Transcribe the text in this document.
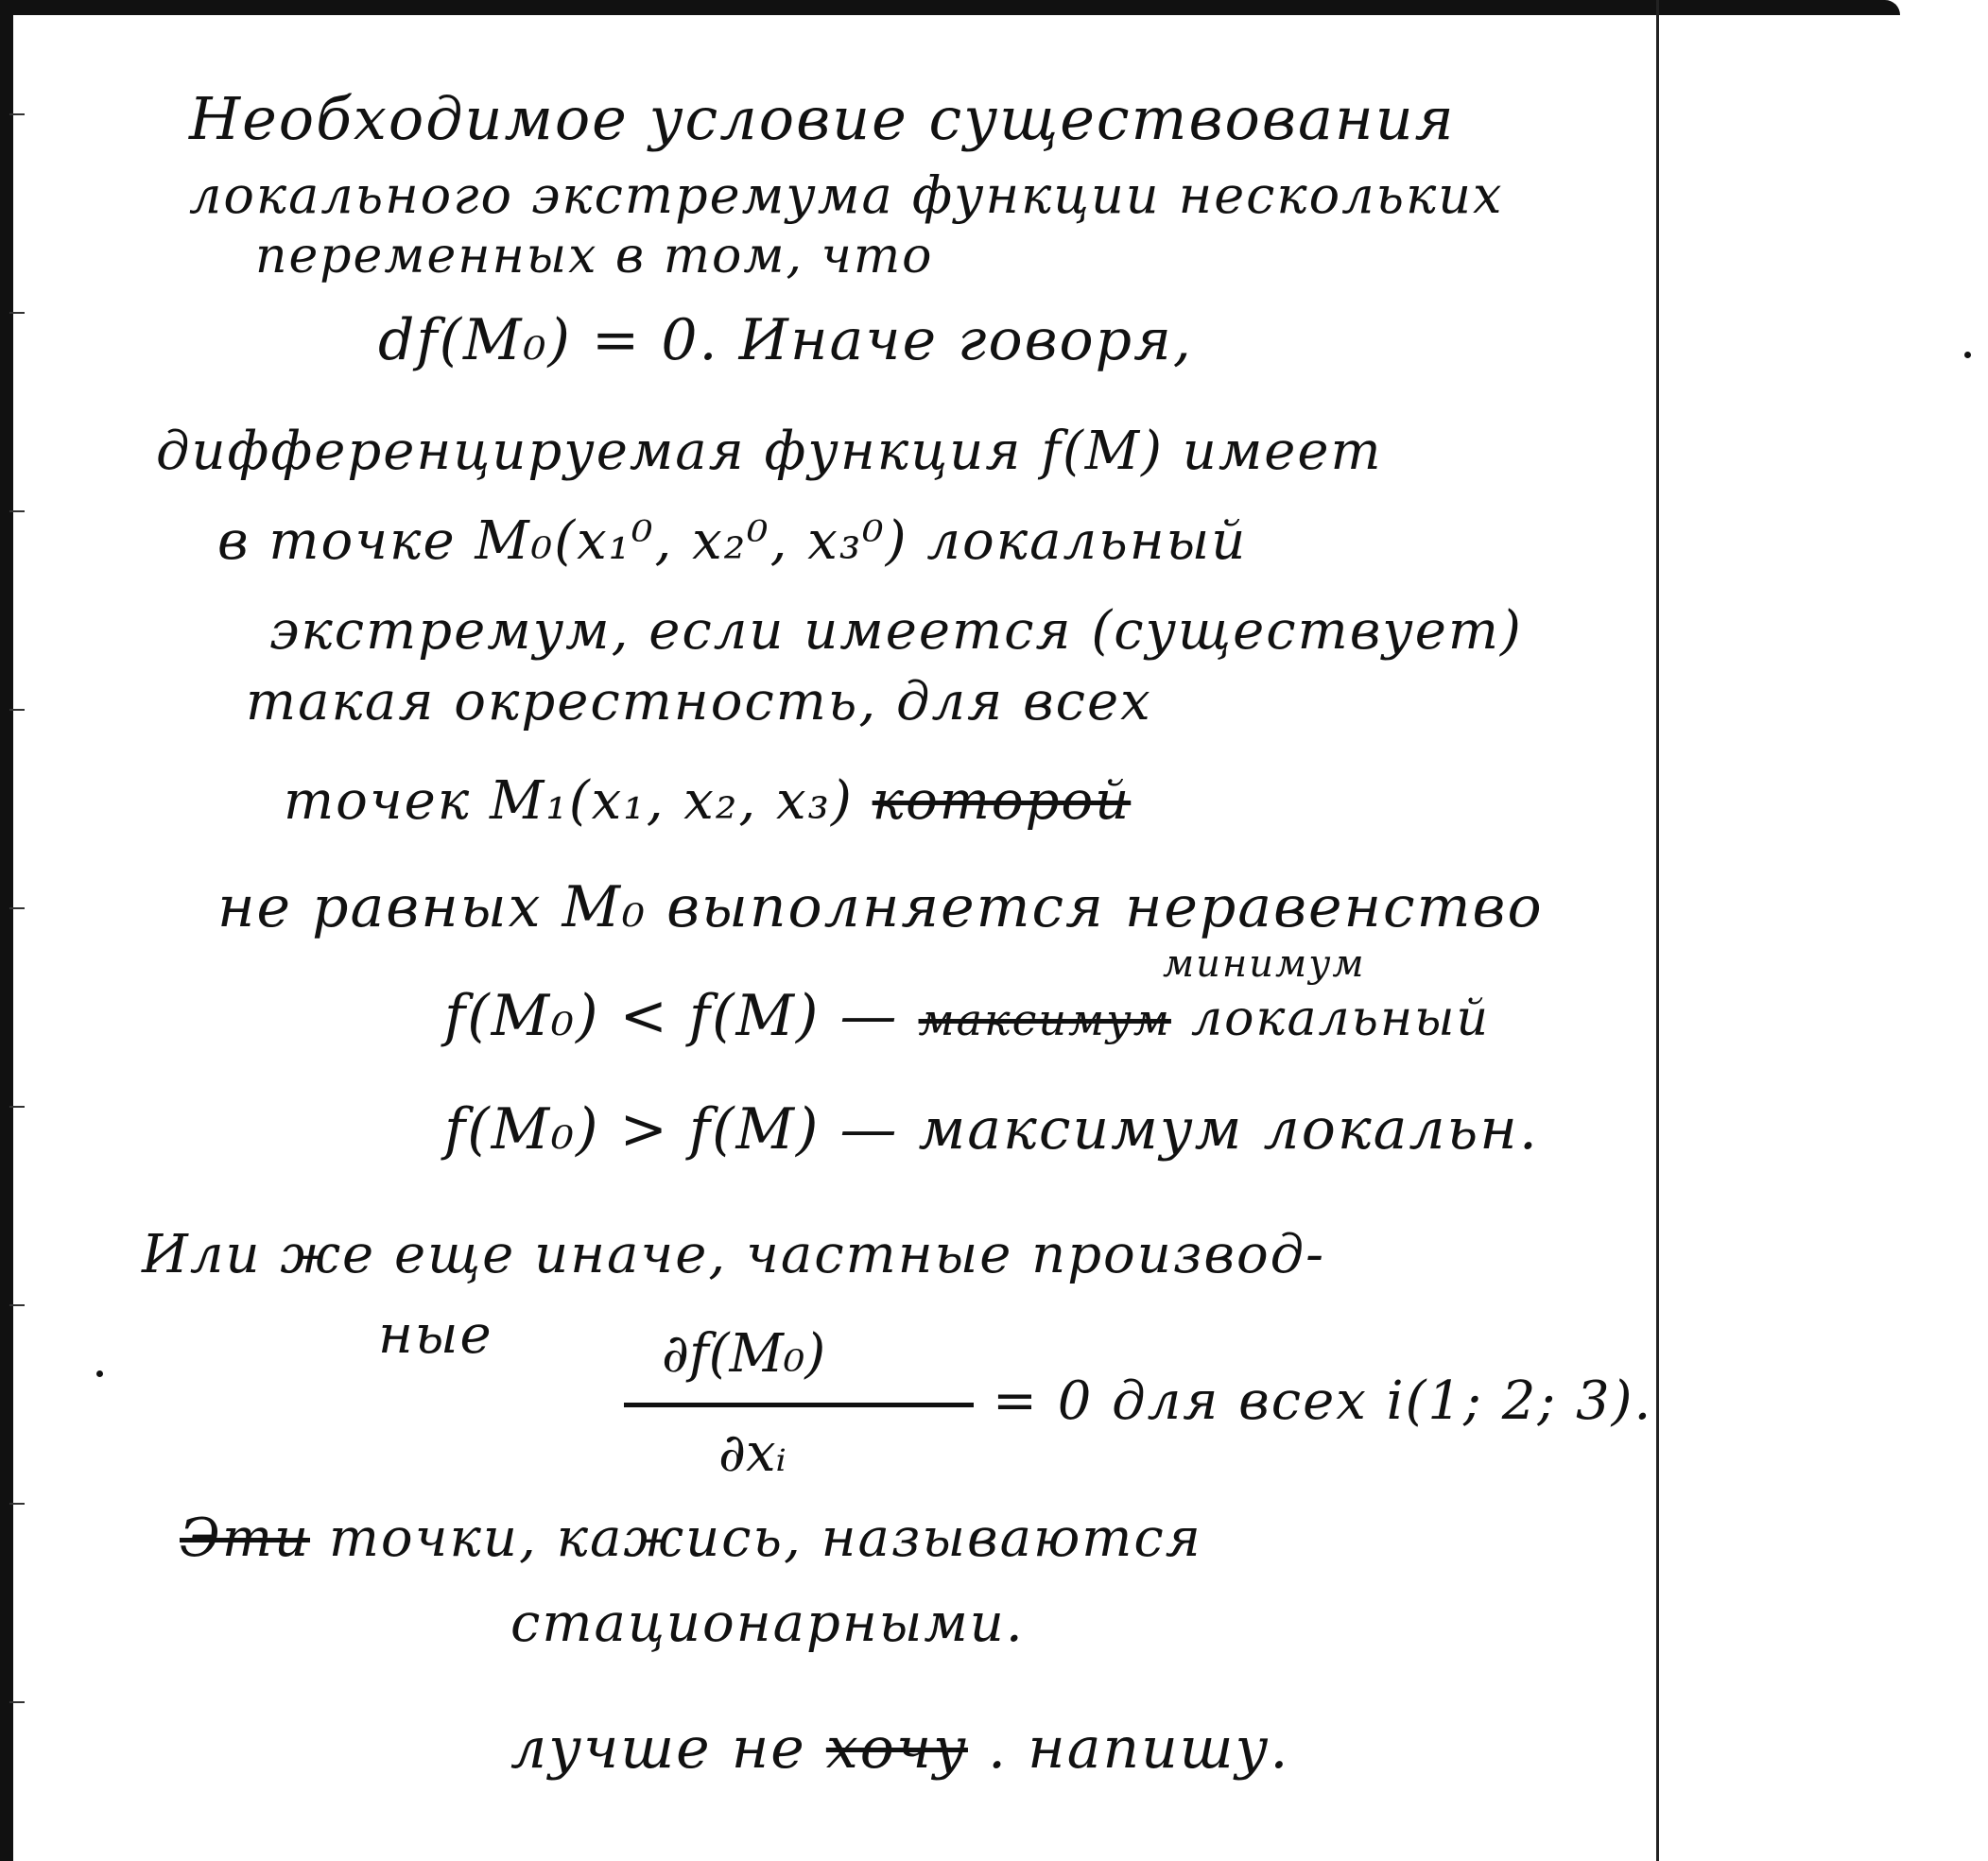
Необходимое условие существования
локального экстремума функции нескольких
переменных в том, что
df(M₀) = 0. Иначе говоря,
дифференцируемая функция f(M) имеет
в точке M₀(x₁⁰, x₂⁰, x₃⁰) локальный
экстремум, если имеется (существует)
такая окрестность, для всех
точек M₁(x₁, x₂, x₃) которой
не равных M₀ выполняется неравенство
минимум
f(M₀) < f(M) — максимум локальный
f(M₀) > f(M) — максимум локальн.
Или же еще иначе, частные производ-
ные	∂f(M₀)
∂xᵢ
= 0 для всех i(1; 2; 3).
Эти точки, кажись, называются
стационарными.
лучше не хочу . напишу.
